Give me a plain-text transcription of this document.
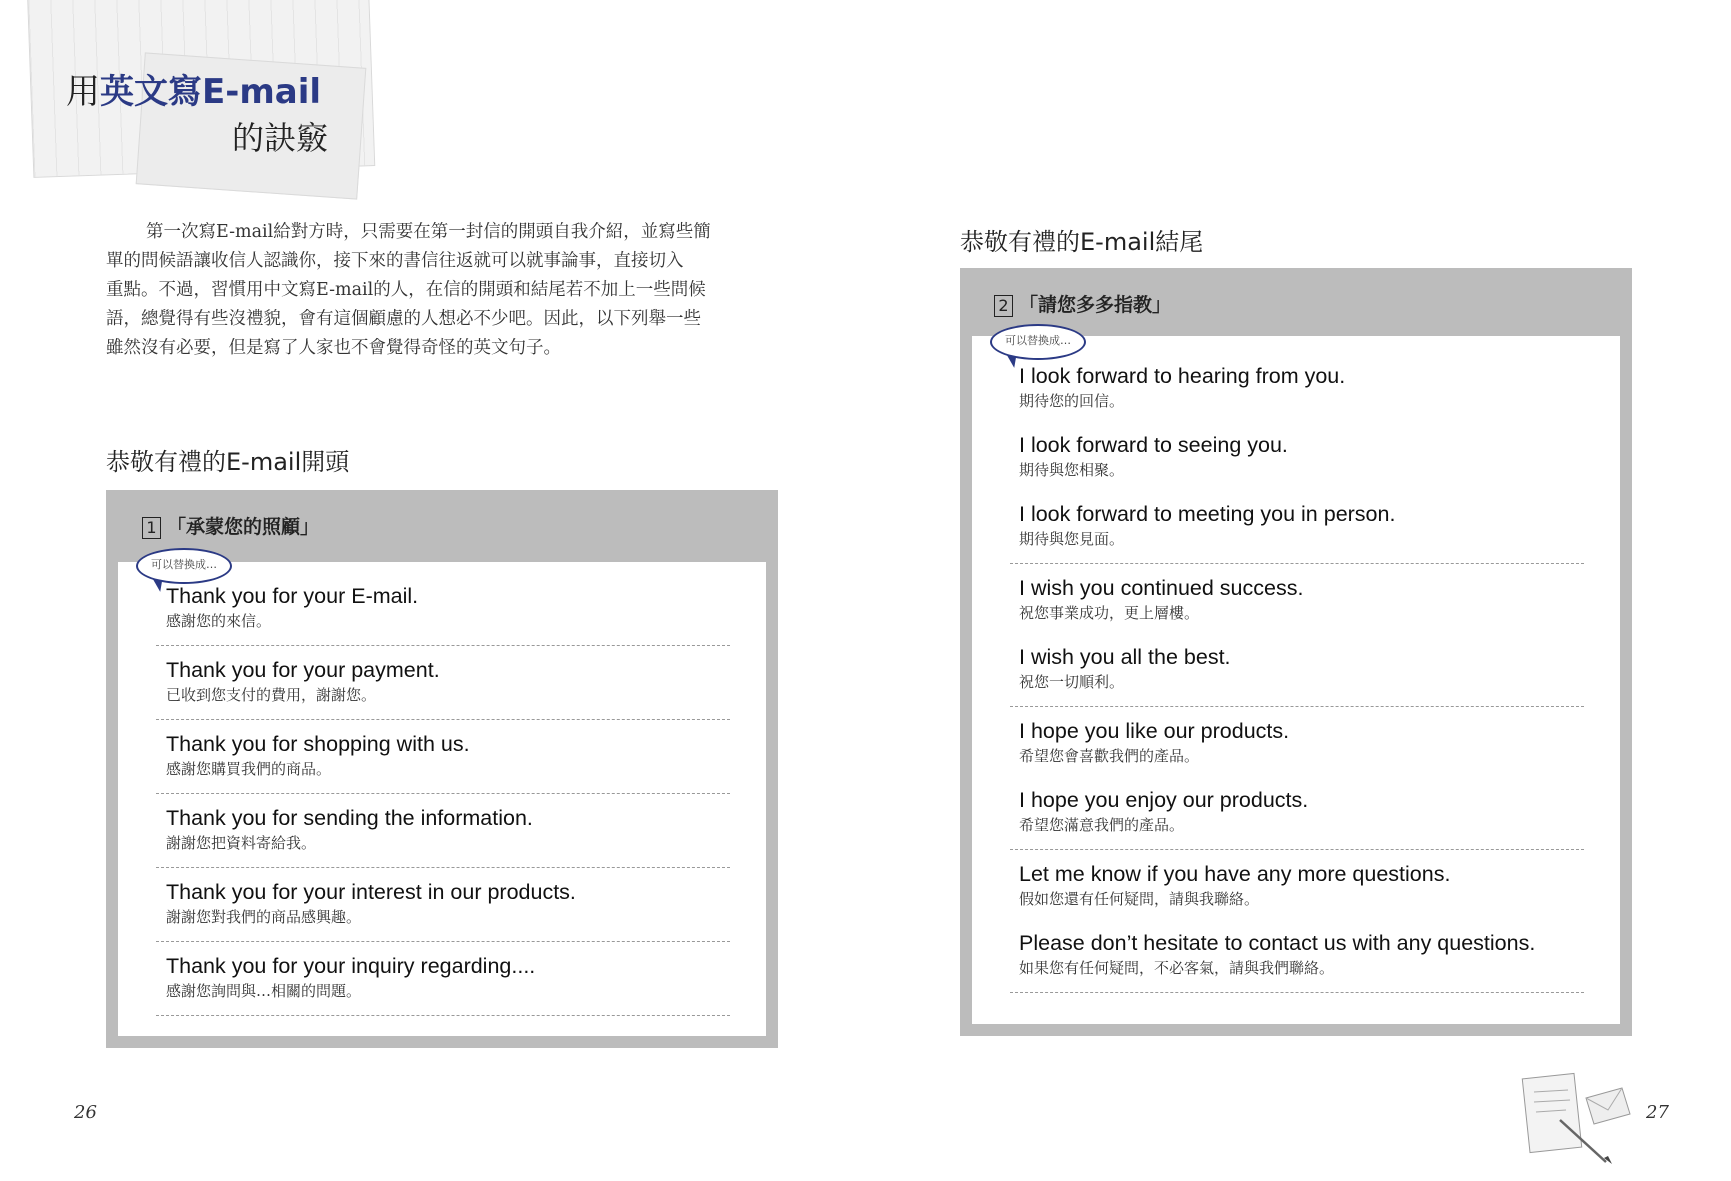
用英文寫E-mail
的訣竅
第一次寫E-mail給對方時，只需要在第一封信的開頭自我介紹，並寫些簡
單的問候語讓收信人認識你，接下來的書信往返就可以就事論事，直接切入
重點。不過，習慣用中文寫E-mail的人，在信的開頭和結尾若不加上一些問候
語，總覺得有些沒禮貌，會有這個顧慮的人想必不少吧。因此，以下列舉一些
雖然沒有必要，但是寫了人家也不會覺得奇怪的英文句子。
恭敬有禮的E-mail開頭
1 「承蒙您的照顧」
可以替換成…
Thank you for your E-mail.
感謝您的來信。
Thank you for your payment.
已收到您支付的費用，謝謝您。
Thank you for shopping with us.
感謝您購買我們的商品。
Thank you for sending the information.
謝謝您把資料寄給我。
Thank you for your interest in our products.
謝謝您對我們的商品感興趣。
Thank you for your inquiry regarding....
感謝您詢問與…相關的問題。
恭敬有禮的E-mail結尾
2 「請您多多指教」
可以替換成…
I look forward to hearing from you.
期待您的回信。
I look forward to seeing you.
期待與您相聚。
I look forward to meeting you in person.
期待與您見面。
I wish you continued success.
祝您事業成功，更上層樓。
I wish you all the best.
祝您一切順利。
I hope you like our products.
希望您會喜歡我們的產品。
I hope you enjoy our products.
希望您滿意我們的產品。
Let me know if you have any more questions.
假如您還有任何疑問，請與我聯絡。
Please don’t hesitate to contact us with any questions.
如果您有任何疑問，不必客氣，請與我們聯絡。
26	27
